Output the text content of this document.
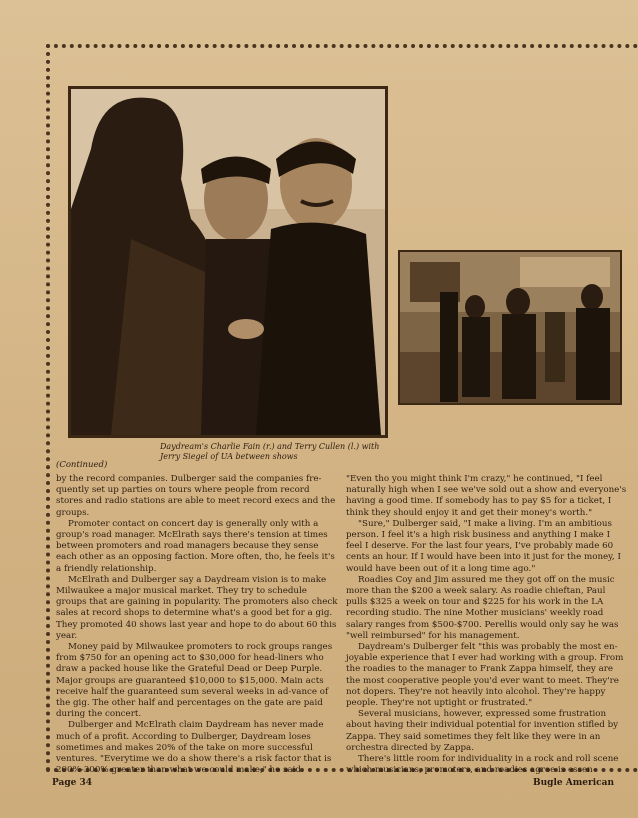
Daydream's Charlie Fain (r.) and Terry Cullen (l.) with
Jerry Siegel of UA between shows
(Continued)

by the record companies. Dulberger said the companies fre-quently set up parties on tours where people from record stores and radio stations are able to meet record execs and the groups.

Promoter contact on concert day is generally only with a group's road manager. McElrath says there's tension at times between promoters and road managers because they sense each other as an opposing faction. More often, tho, he feels it's a friendly relationship.

McElrath and Dulberger say a Daydream vision is to make Milwaukee a major musical market. They try to schedule groups that are gaining in popularity. The promoters also check sales at record shops to determine what's a good bet for a gig. They promoted 40 shows last year and hope to do about 60 this year.

Money paid by Milwaukee promoters to rock groups ranges from $750 for an opening act to $30,000 for head-liners who draw a packed house like the Grateful Dead or Deep Purple. Major groups are guaranteed $10,000 to $15,000. Main acts receive half the guaranteed sum several weeks in ad-vance of the gig. The other half and percentages on the gate are paid during the concert.

Dulberger and McElrath claim Daydream has never made much of a profit. According to Dulberger, Daydream loses sometimes and makes 20% of the take on more successful ventures. "Everytime we do a show there's a risk factor that is 200%-300% greater than what we could make," he said.

"Even tho you might think I'm crazy," he continued, "I feel naturally high when I see we've sold out a show and everyone's having a good time. If somebody has to pay $5 for a ticket, I think they should enjoy it and get their money's worth."

"Sure," Dulberger said, "I make a living. I'm an ambitious person. I feel it's a high risk business and anything I make I feel I deserve. For the last four years, I've probably made 60 cents an hour. If I would have been into it just for the money, I would have been out of it a long time ago."

Roadies Coy and Jim assured me they got off on the music more than the $200 a week salary. As roadie chieftan, Paul pulls $325 a week on tour and $225 for his work in the LA recording studio. The nine Mother musicians' weekly road salary ranges from $500-$700. Perellis would only say he was "well reimbursed" for his management.

Daydream's Dulberger felt "this was probably the most en-joyable experience that I ever had working with a group. From the roadies to the manager to Frank Zappa himself, they are the most cooperative people you'd ever want to meet. They're not dopers. They're not heavily into alcohol. They're happy people. They're not uptight or frustrated."

Several musicians, however, expressed some frustration about having their individual potential for invention stifled by Zappa. They said sometimes they felt like they were in an orchestra directed by Zappa.

There's little room for individuality in a rock and roll scene which musicians, promoters, and roadies agree is essen-

Page 34	Bugle American
